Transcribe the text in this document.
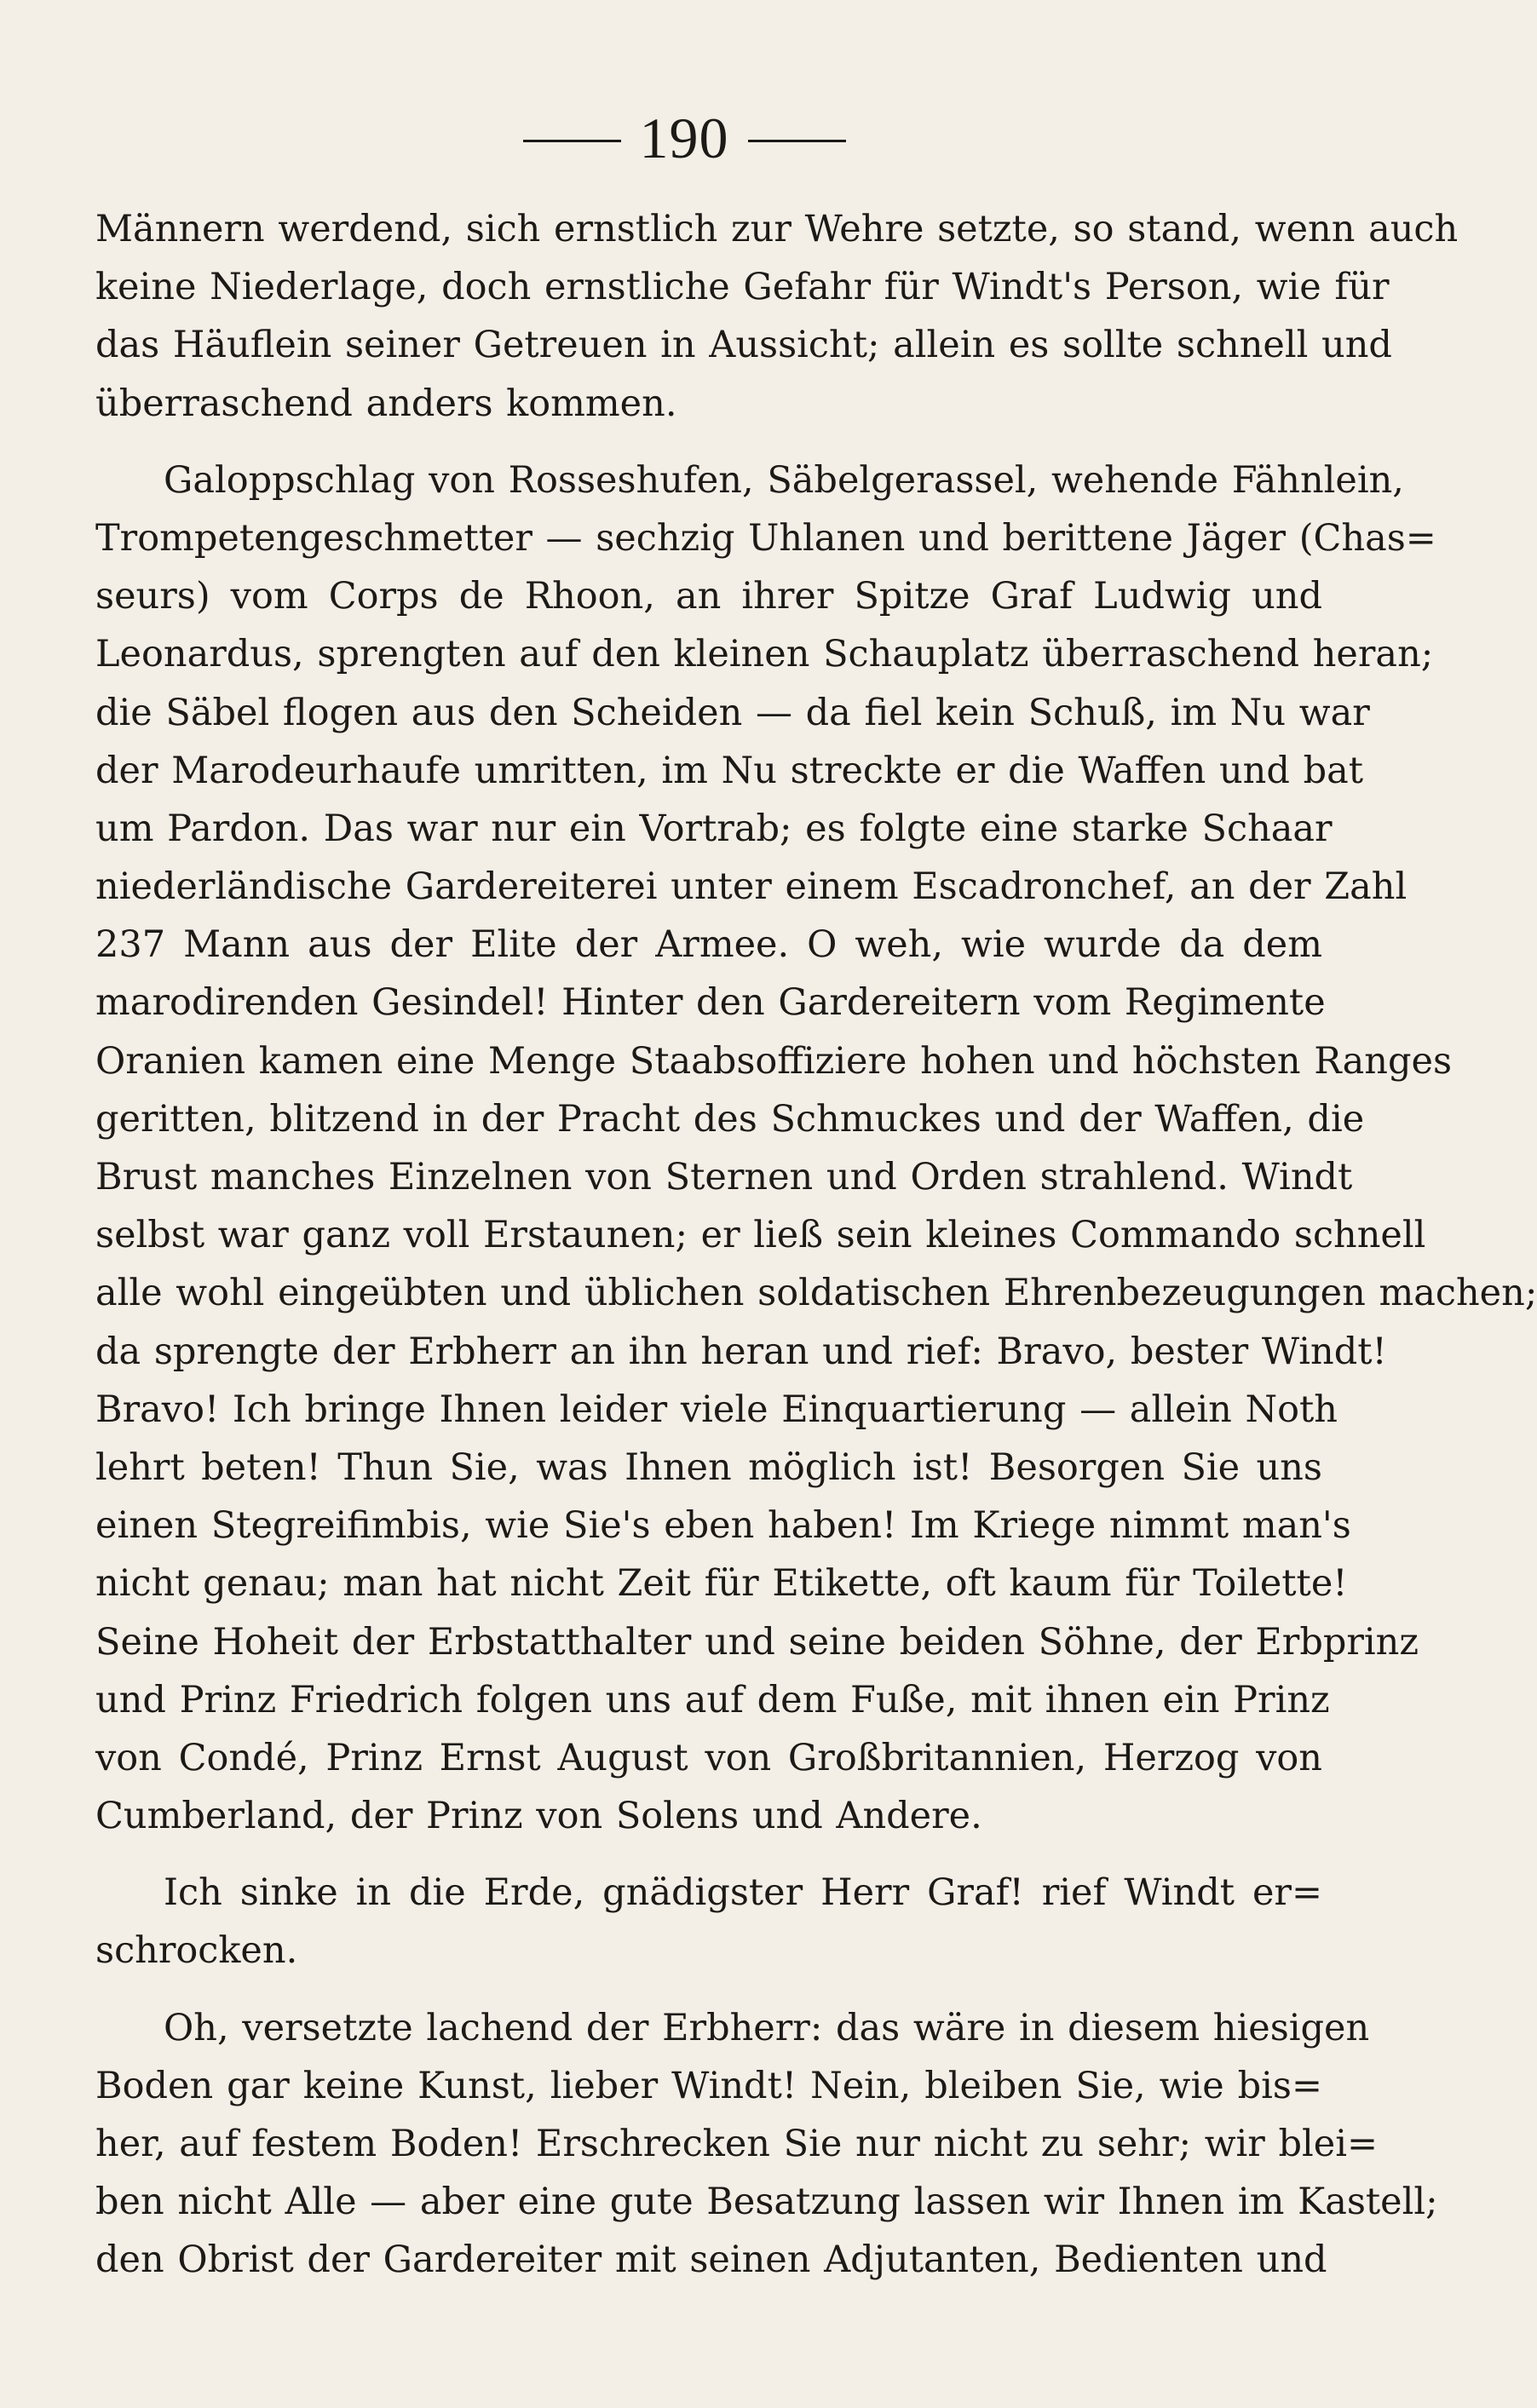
190
Männern werdend, sich ernstlich zur Wehre setzte, so stand, wenn auch
keine Niederlage, doch ernstliche Gefahr für Windt's Person, wie für
das Häuflein seiner Getreuen in Aussicht; allein es sollte schnell und
überraschend anders kommen.
Galoppschlag von Rosseshufen, Säbelgerassel, wehende Fähnlein,
Trompetengeschmetter — sechzig Uhlanen und berittene Jäger (Chas=
seurs) vom Corps de Rhoon, an ihrer Spitze Graf Ludwig und
Leonardus, sprengten auf den kleinen Schauplatz überraschend heran;
die Säbel flogen aus den Scheiden — da fiel kein Schuß, im Nu war
der Marodeurhaufe umritten, im Nu streckte er die Waffen und bat
um Pardon. Das war nur ein Vortrab; es folgte eine starke Schaar
niederländische Gardereiterei unter einem Escadronchef, an der Zahl
237 Mann aus der Elite der Armee. O weh, wie wurde da dem
marodirenden Gesindel! Hinter den Gardereitern vom Regimente
Oranien kamen eine Menge Staabsoffiziere hohen und höchsten Ranges
geritten, blitzend in der Pracht des Schmuckes und der Waffen, die
Brust manches Einzelnen von Sternen und Orden strahlend. Windt
selbst war ganz voll Erstaunen; er ließ sein kleines Commando schnell
alle wohl eingeübten und üblichen soldatischen Ehrenbezeugungen machen;
da sprengte der Erbherr an ihn heran und rief: Bravo, bester Windt!
Bravo! Ich bringe Ihnen leider viele Einquartierung — allein Noth
lehrt beten! Thun Sie, was Ihnen möglich ist! Besorgen Sie uns
einen Stegreifimbis, wie Sie's eben haben! Im Kriege nimmt man's
nicht genau; man hat nicht Zeit für Etikette, oft kaum für Toilette!
Seine Hoheit der Erbstatthalter und seine beiden Söhne, der Erbprinz
und Prinz Friedrich folgen uns auf dem Fuße, mit ihnen ein Prinz
von Condé, Prinz Ernst August von Großbritannien, Herzog von
Cumberland, der Prinz von Solens und Andere.
Ich sinke in die Erde, gnädigster Herr Graf! rief Windt er=
schrocken.
Oh, versetzte lachend der Erbherr: das wäre in diesem hiesigen
Boden gar keine Kunst, lieber Windt! Nein, bleiben Sie, wie bis=
her, auf festem Boden! Erschrecken Sie nur nicht zu sehr; wir blei=
ben nicht Alle — aber eine gute Besatzung lassen wir Ihnen im Kastell;
den Obrist der Gardereiter mit seinen Adjutanten, Bedienten und
